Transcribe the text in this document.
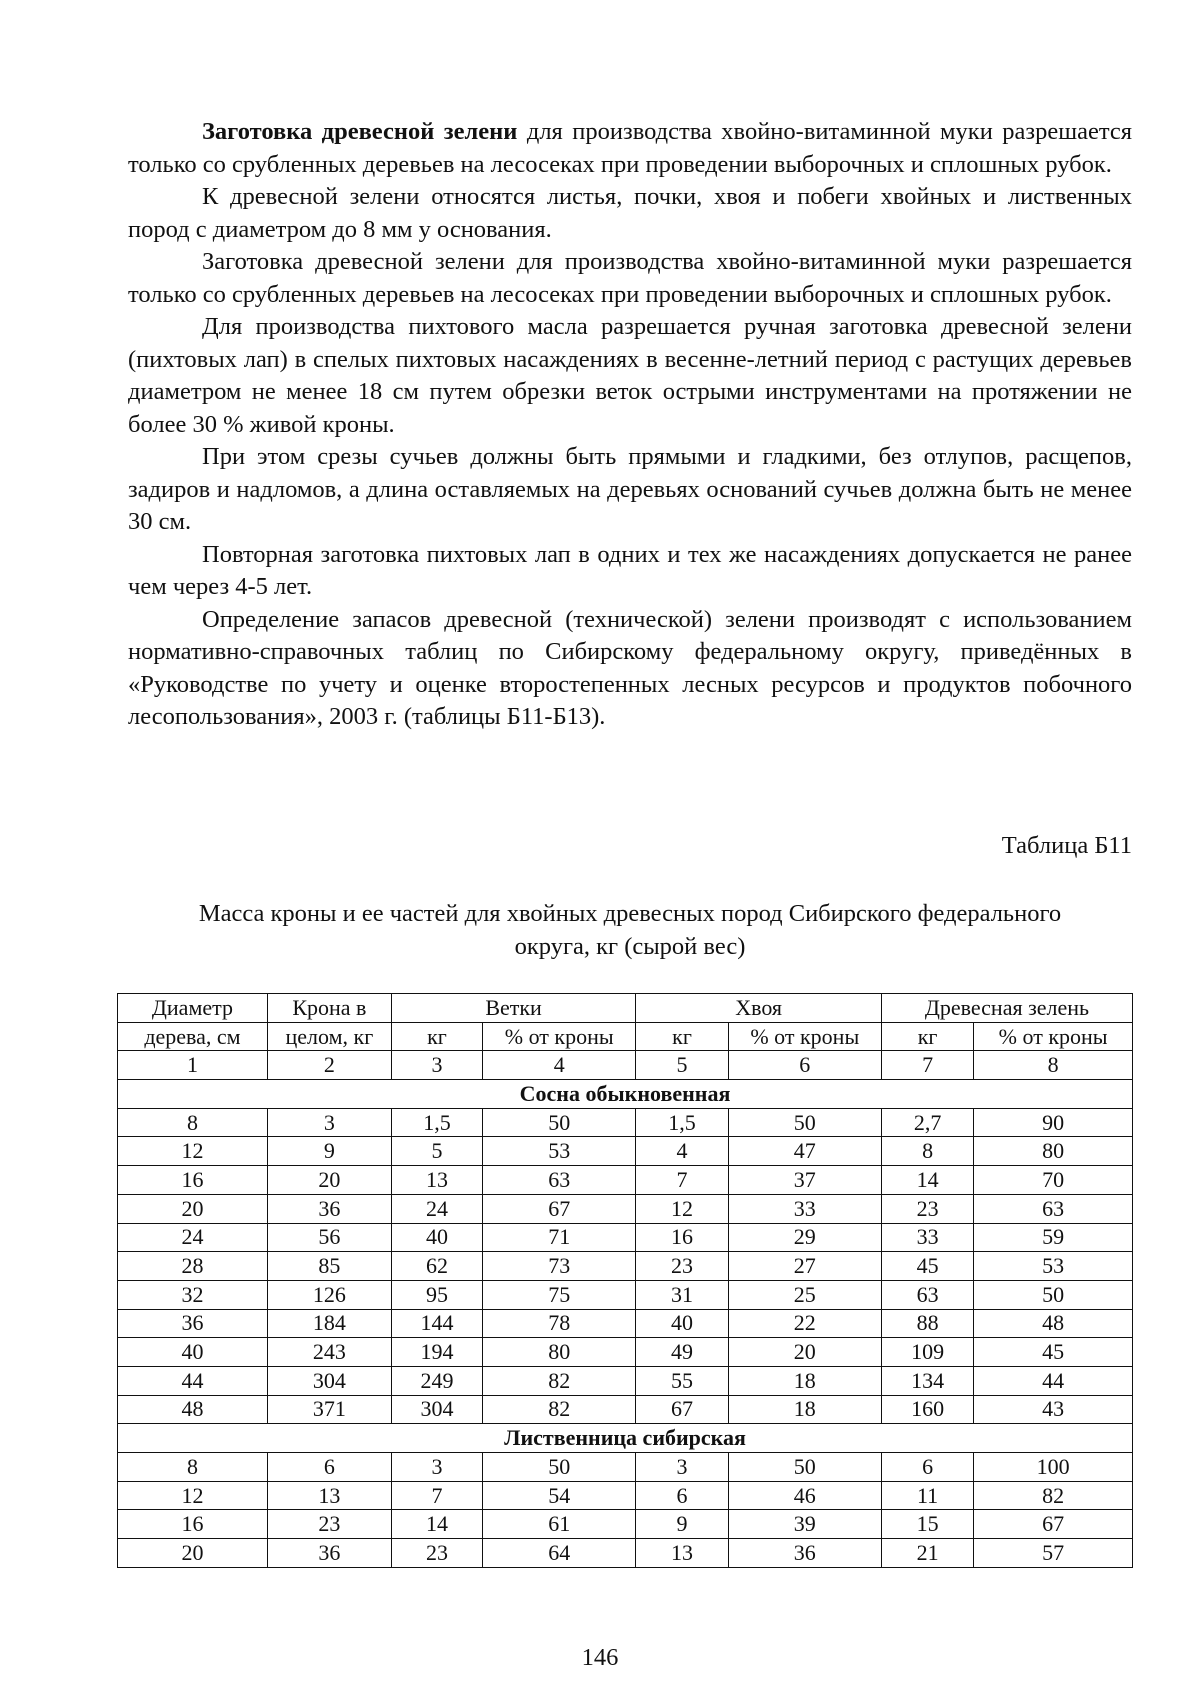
Заготовка древесной зелени для производства хвойно-витаминной муки разрешается только со срубленных деревьев на лесосеках при проведении выборочных и сплошных рубок.

К древесной зелени относятся листья, почки, хвоя и побеги хвойных и лиственных пород с диаметром до 8 мм у основания.

Заготовка древесной зелени для производства хвойно-витаминной муки разрешается только со срубленных деревьев на лесосеках при проведении выборочных и сплошных рубок.

Для производства пихтового масла разрешается ручная заготовка древесной зелени (пихтовых лап) в спелых пихтовых насаждениях в весенне-летний период с растущих деревьев диаметром не менее 18 см путем обрезки веток острыми инструментами на протяжении не более 30 % живой кроны.

При этом срезы сучьев должны быть прямыми и гладкими, без отлупов, расщепов, задиров и надломов, а длина оставляемых на деревьях оснований сучьев должна быть не менее 30 см.

Повторная заготовка пихтовых лап в одних и тех же насаждениях допускается не ранее чем через 4-5 лет.

Определение запасов древесной (технической) зелени производят с использованием нормативно-справочных таблиц по Сибирскому федеральному округу, приведённых в «Руководстве по учету и оценке второстепенных лесных ресурсов и продуктов побочного лесопользования», 2003 г. (таблицы Б11-Б13).

Таблица Б11
Масса кроны и ее частей для хвойных древесных пород Сибирского федерального
округа, кг (сырой вес)
Диаметр	Крона в	Ветки		Хвоя		Древесная зелень	
дерева, см	целом, кг	кг	% от кроны	кг	% от кроны	кг	% от кроны
1	2	3	4	5	6	7	8
Сосна обыкновенная							
8	3	1,5	50	1,5	50	2,7	90
12	9	5	53	4	47	8	80
16	20	13	63	7	37	14	70
20	36	24	67	12	33	23	63
24	56	40	71	16	29	33	59
28	85	62	73	23	27	45	53
32	126	95	75	31	25	63	50
36	184	144	78	40	22	88	48
40	243	194	80	49	20	109	45
44	304	249	82	55	18	134	44
48	371	304	82	67	18	160	43
Лиственница сибирская							
8	6	3	50	3	50	6	100
12	13	7	54	6	46	11	82
16	23	14	61	9	39	15	67
20	36	23	64	13	36	21	57
146
